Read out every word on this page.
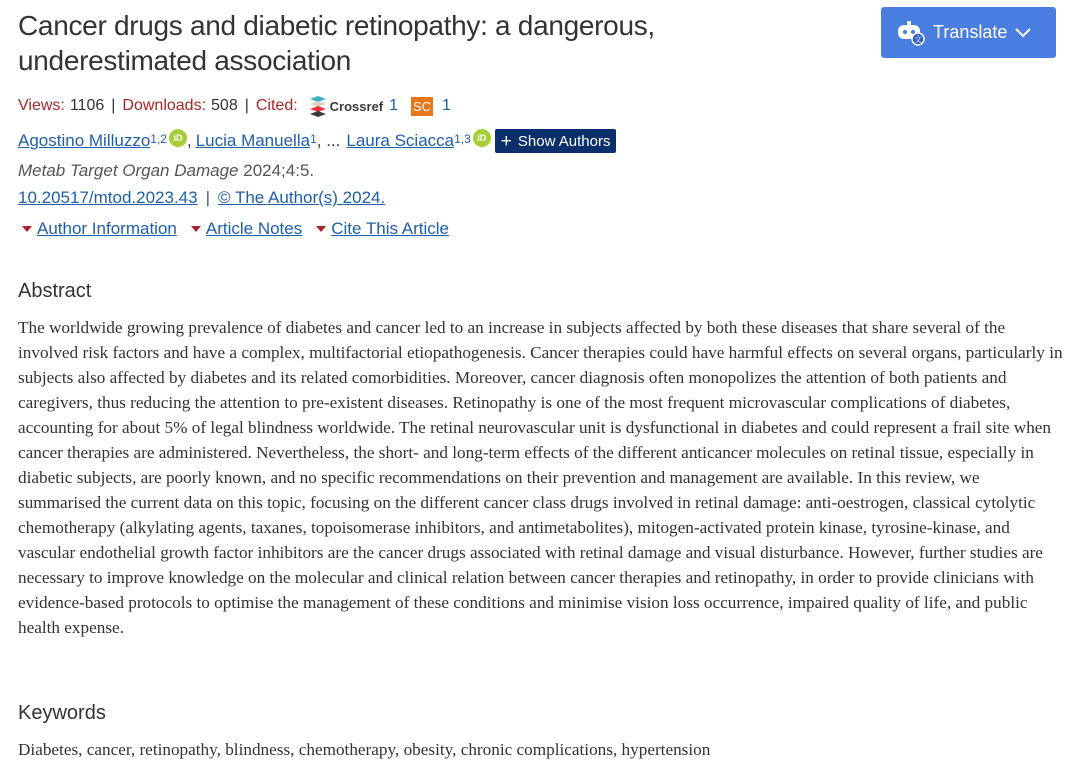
Cancer drugs and diabetic retinopathy: a dangerous, underestimated association
文 Translate
Views: 1106 | Downloads: 508 | Cited: Crossref 1 SC 1
Agostino Milluzzo$^{1,2}$ iD , Lucia Manuella$^1$ , ... Laura Sciacca$^{1,3}$ iD + Show Authors
Metab Target Organ Damage 2024;4:5.
10.20517/mtod.2023.43 | © The Author(s) 2024.
Author Information Article Notes Cite This Article
Abstract

The worldwide growing prevalence of diabetes and cancer led to an increase in subjects affected by both these diseases that share several of the involved risk factors and have a complex, multifactorial etiopathogenesis. Cancer therapies could have harmful effects on several organs, particularly in subjects also affected by diabetes and its related comorbidities. Moreover, cancer diagnosis often monopolizes the attention of both patients and caregivers, thus reducing the attention to pre-existent diseases. Retinopathy is one of the most frequent microvascular complications of diabetes, accounting for about 5% of legal blindness worldwide. The retinal neurovascular unit is dysfunctional in diabetes and could represent a frail site when cancer therapies are administered. Nevertheless, the short- and long-term effects of the different anticancer molecules on retinal tissue, especially in diabetic subjects, are poorly known, and no specific recommendations on their prevention and management are available. In this review, we summarised the current data on this topic, focusing on the different cancer class drugs involved in retinal damage: anti-oestrogen, classical cytolytic chemotherapy (alkylating agents, taxanes, topoisomerase inhibitors, and antimetabolites), mitogen-activated protein kinase, tyrosine-kinase, and vascular endothelial growth factor inhibitors are the cancer drugs associated with retinal damage and visual disturbance. However, further studies are necessary to improve knowledge on the molecular and clinical relation between cancer therapies and retinopathy, in order to provide clinicians with evidence-based protocols to optimise the management of these conditions and minimise vision loss occurrence, impaired quality of life, and public health expense.

Keywords

Diabetes, cancer, retinopathy, blindness, chemotherapy, obesity, chronic complications, hypertension
